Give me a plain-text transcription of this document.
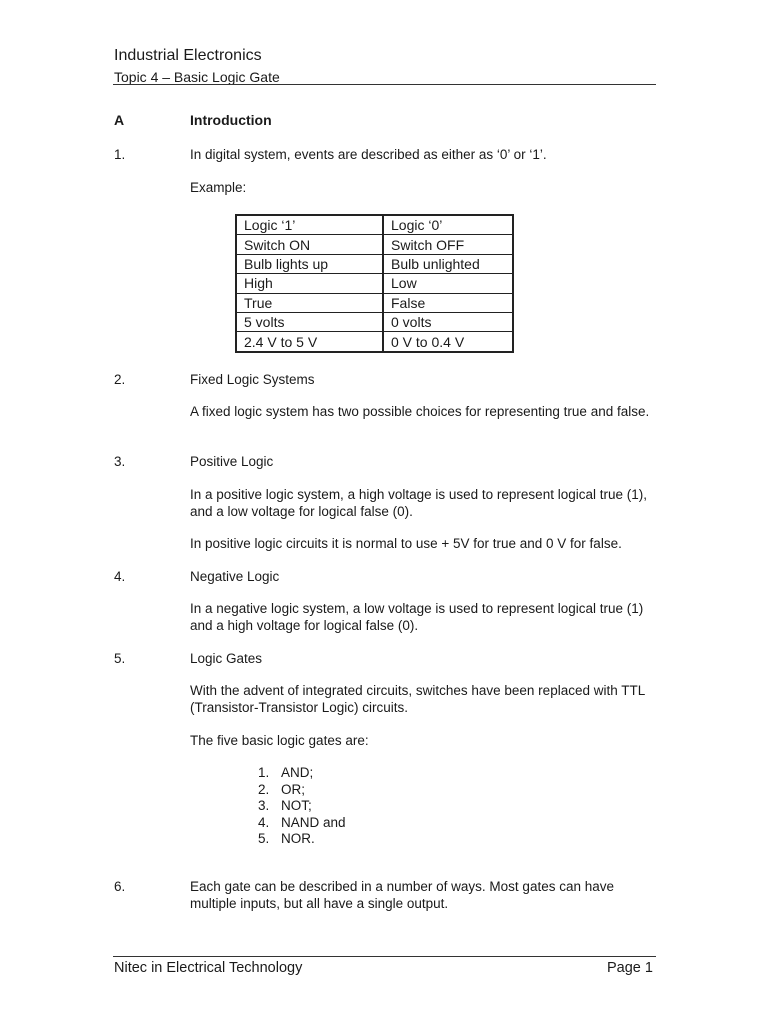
Industrial Electronics
Topic 4 – Basic Logic Gate
A	Introduction
1.	In digital system, events are described as either as ‘0’ or ‘1’.
Example:
Logic ‘1’	Logic ‘0’
Switch ON	Switch OFF
Bulb lights up	Bulb unlighted
High	Low
True	False
5 volts	0 volts
2.4 V to 5 V	0 V to 0.4 V
2.	Fixed Logic Systems
A fixed logic system has two possible choices for representing true and false.
3.	Positive Logic
In a positive logic system, a high voltage is used to represent logical true (1), and a low voltage for logical false (0).
In positive logic circuits it is normal to use + 5V for true and 0 V for false.
4.	Negative Logic
In a negative logic system, a low voltage is used to represent logical true (1) and a high voltage for logical false (0).
5.	Logic Gates
With the advent of integrated circuits, switches have been replaced with TTL (Transistor-Transistor Logic) circuits.
The five basic logic gates are:
1. AND;
2. OR;
3. NOT;
4. NAND and
5. NOR.
6.	Each gate can be described in a number of ways. Most gates can have multiple inputs, but all have a single output.
Nitec in Electrical Technology	Page 1
